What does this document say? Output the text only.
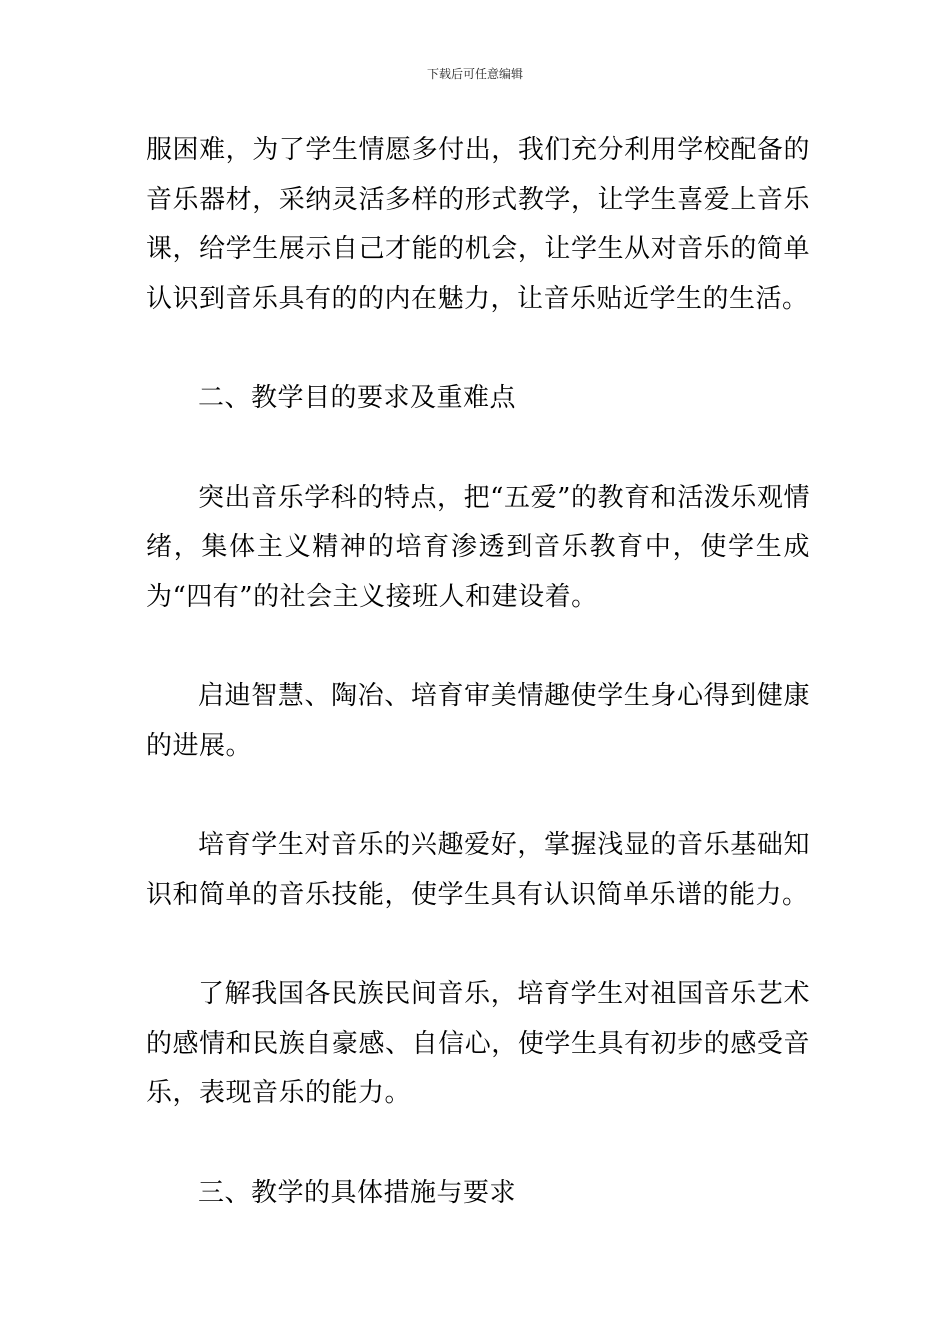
下载后可任意编辑

服困难，为了学生情愿多付出，我们充分利用学校配备的音乐器材，采纳灵活多样的形式教学，让学生喜爱上音乐课，给学生展示自己才能的机会，让学生从对音乐的简单认识到音乐具有的的内在魅力，让音乐贴近学生的生活。

二、教学目的要求及重难点

突出音乐学科的特点，把“五爱”的教育和活泼乐观情绪，集体主义精神的培育渗透到音乐教育中，使学生成为“四有”的社会主义接班人和建设着。

启迪智慧、陶冶、培育审美情趣使学生身心得到健康的进展。

培育学生对音乐的兴趣爱好，掌握浅显的音乐基础知识和简单的音乐技能，使学生具有认识简单乐谱的能力。

了解我国各民族民间音乐，培育学生对祖国音乐艺术的感情和民族自豪感、自信心，使学生具有初步的感受音乐，表现音乐的能力。

三、教学的具体措施与要求
